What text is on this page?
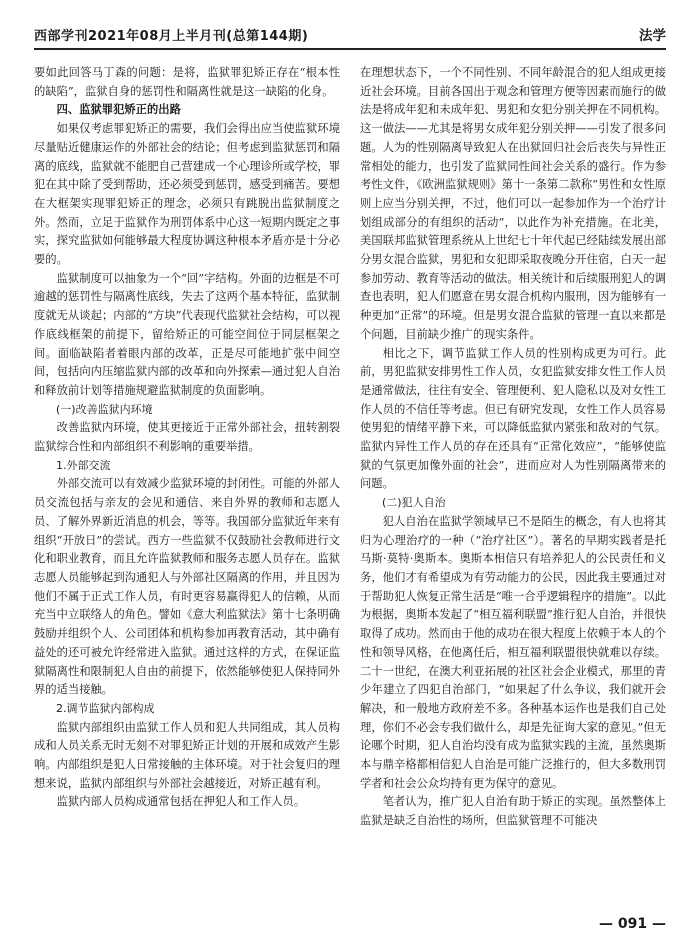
西部学刊2021年08月上半月刊(总第144期)	法学

要如此回答马丁森的问题：是将，监狱罪犯矫正存在“根本性的缺陷”，监狱自身的惩罚性和隔离性就是这一缺陷的化身。

四、监狱罪犯矫正的出路

如果仅考虑罪犯矫正的需要，我们会得出应当使监狱环境尽量贴近健康运作的外部社会的结论；但考虑到监狱惩罚和隔离的底线，监狱就不能肥自己营建成一个心理诊所或学校，罪犯在其中除了受到帮助，还必须受到惩罚，感受到痛苦。要想在大框架实现罪犯矫正的理念，必须只有跳脱出监狱制度之外。然而，立足于监狱作为刑罚体系中心这一短期内既定之事实，探究监狱如何能够最大程度协调这种根本矛盾亦是十分必要的。

监狱制度可以抽象为一个“回”字结构。外面的边框是不可逾越的惩罚性与隔离性底线，失去了这两个基本特征，监狱制度就无从谈起；内部的“方块”代表现代监狱社会结构，可以视作底线框架的前提下，留给矫正的可能空间位于同层框架之间。面临缺陷者着眼内部的改革，正是尽可能地扩张中间空间，包括向内压缩监狱内部的改革和向外探索—通过犯人自治和释放前计划等措施规避监狱制度的负面影响。

(一)改善监狱内环境

改善监狱内环境，使其更接近于正常外部社会，扭转割裂监狱综合性和内部组织不利影响的重要举措。

1.外部交流

外部交流可以有效减少监狱环境的封闭性。可能的外部人员交流包括与亲友的会见和通信、来自外界的教师和志愿人员、了解外界新近消息的机会，等等。我国部分监狱近年来有组织“开放日”的尝试。西方一些监狱不仅鼓励社会教师进行文化和职业教育，而且允许监狱教师和服务志愿人员存在。监狱志愿人员能够起到沟通犯人与外部社区隔离的作用，并且因为他们不属于正式工作人员，有时更容易赢得犯人的信赖，从而充当中立联络人的角色。譬如《意大利监狱法》第十七条明确鼓励并组织个人、公司团体和机构参加再教育活动，其中确有益处的还可被允许经常进入监狱。通过这样的方式，在保证监狱隔离性和限制犯人自由的前提下，依然能够使犯人保持同外界的适当接触。

2.调节监狱内部构成

监狱内部组织由监狱工作人员和犯人共同组成，其人员构成和人员关系无时无刻不对罪犯矫正计划的开展和成效产生影响。内部组织是犯人日常接触的主体环境。对于社会复归的理想来说，监狱内部组织与外部社会越接近，对矫正越有利。

监狱内部人员构成通常包括在押犯人和工作人员。

在理想状态下，一个不同性别、不同年龄混合的犯人组成更接近社会环境。目前各国出于观念和管理方便等因素而施行的做法是将成年犯和未成年犯、男犯和女犯分别关押在不同机构。这一做法——尤其是将男女成年犯分别关押——引发了很多问题。人为的性别隔离导致犯人在出狱回归社会后丧失与异性正常相处的能力，也引发了监狱同性间社会关系的盛行。作为参考性文件，《欧洲监狱规则》第十一条第二款称“男性和女性原则上应当分别关押，不过，他们可以一起参加作为一个治疗计划组成部分的有组织的活动”，以此作为补充措施。在北美，美国联邦监狱管理系统从上世纪七十年代起已经陆续发展出部分男女混合监狱，男犯和女犯即采取夜晚分开住宿，白天一起参加劳动、教育等活动的做法。相关统计和后续服刑犯人的调查也表明，犯人们愿意在男女混合机构内服刑，因为能够有一种更加“正常”的环境。但是男女混合监狱的管理一直以来都是个问题，目前缺少推广的现实条件。

相比之下，调节监狱工作人员的性别构成更为可行。此前，男犯监狱安排男性工作人员，女犯监狱安排女性工作人员是通常做法，往往有安全、管理便利、犯人隐私以及对女性工作人员的不信任等考虑。但已有研究发现，女性工作人员容易使男犯的情绪平静下来，可以降低监狱内紧张和敌对的气氛。监狱内异性工作人员的存在还具有“正常化效应”，“能够使监狱的气氛更加像外面的社会”，进而应对人为性别隔离带来的问题。

(二)犯人自治

犯人自治在监狱学领域早已不是陌生的概念，有人也将其归为心理治疗的一种（“治疗社区”）。著名的早期实践者是托马斯·莫特·奥斯本。奥斯本相信只有培养犯人的公民责任和义务，他们才有希望成为有劳动能力的公民，因此我主要通过对于帮助犯人恢复正常生活是“唯一合乎逻辑程序的措施”。以此为根据，奥斯本发起了“相互福利联盟”推行犯人自治，并很快取得了成功。然而由于他的成功在很大程度上依赖于本人的个性和领导风格，在他离任后，相互福利联盟很快就难以存续。二十一世纪，在澳大利亚拓展的社区社会企业模式，那里的青少年建立了四犯自治部门，“如果起了什么争议，我们就开会解决，和一般地方政府差不多。各种基本运作也是我们自己处理，你们不必会专我们做什么，却是先征询大家的意见。”但无论哪个时期，犯人自治均没有成为监狱实践的主流，虽然奥斯本与鼎辛格都相信犯人自治是可能广泛推行的，但大多数刑罚学者和社会公众均持有更为保守的意见。

笔者认为，推广犯人自治有助于矫正的实现。虽然整体上监狱是缺乏自治性的场所，但监狱管理不可能决

— 091 —
